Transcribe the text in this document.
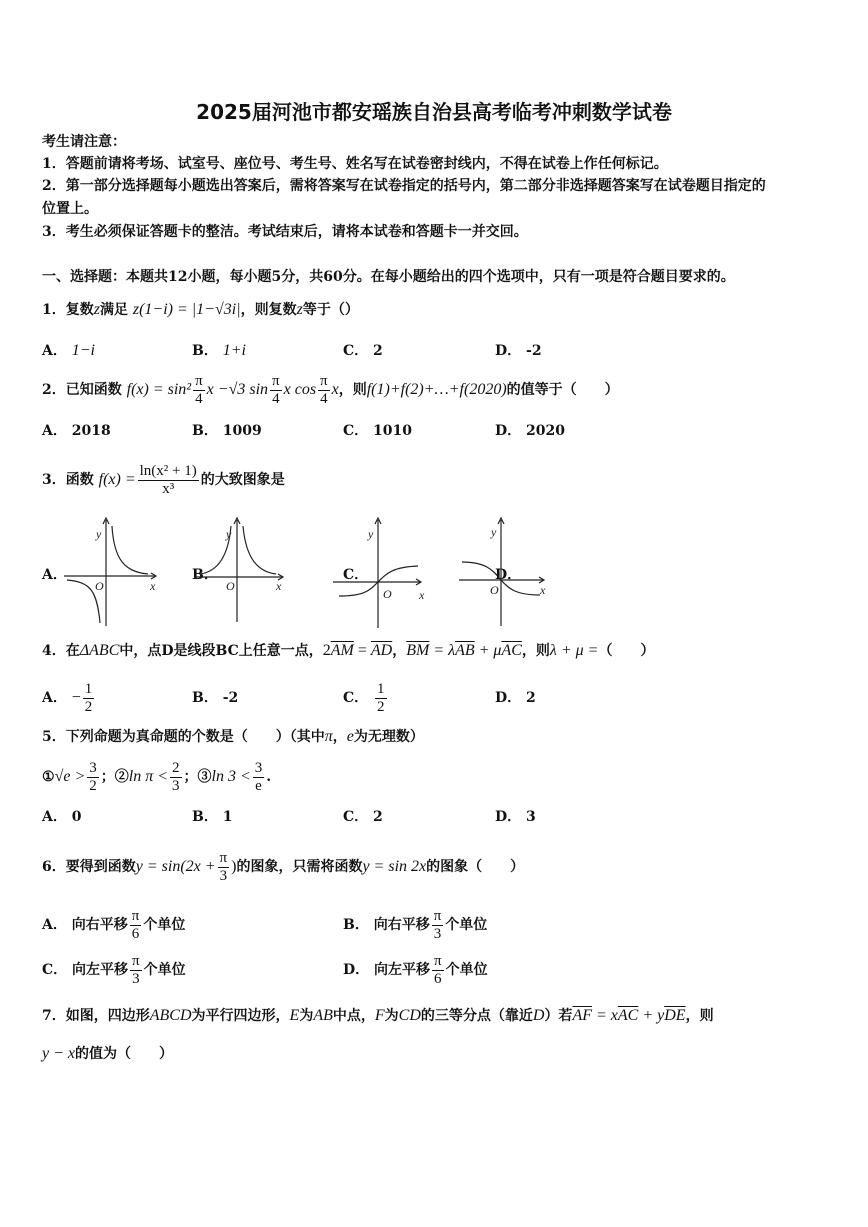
2025届河池市都安瑶族自治县高考临考冲刺数学试卷
考生请注意：
1．答题前请将考场、试室号、座位号、考生号、姓名写在试卷密封线内，不得在试卷上作任何标记。
2．第一部分选择题每小题选出答案后，需将答案写在试卷指定的括号内，第二部分非选择题答案写在试卷题目指定的
位置上。
3．考生必须保证答题卡的整洁。考试结束后，请将本试卷和答题卡一并交回。
一、选择题：本题共12小题，每小题5分，共60分。在每小题给出的四个选项中，只有一项是符合题目要求的。
1．复数z满足 z(1−i) = |1−√3i|，则复数z等于（）
A． 1−i	B． 1+i	C． 2	D． -2
2．已知函数 $f(x) = \sin^2 \frac{\pi}{4}$ x −√3 $\sin \frac{\pi}{4}$ x $\cos \frac{\pi}{4}$ x，则f(1)+f(2)+…+f(2020)的值等于（　　）
A． 2018	B． 1009	C． 1010	D． 2020
3．函数 $f(x) = \frac{\text{ln(x² + 1)}}{\text{x³}}$ 的大致图象是
A．	B．	C．	D．
y
x
O
y
x
O
y
x
O
y
x
O
4．在ΔABC中，点D是线段BC上任意一点，$2\overline{AM} = \overline{AD}$，$\overline{BM} = \lambda\overline{AB} + \mu\overline{AC}$，则λ + μ =（　　）
A． − $\frac{1}{2}$	B． -2	C． $\frac{1}{2}$	D． 2
5．下列命题为真命题的个数是（　　）（其中π，e为无理数）
①√e > $\frac{3}{2}$ ；②ln $\pi < \frac{2}{3}$ ；③ln $3 < \frac{3}{e}$ .
A． 0	B． 1	C． 2	D． 3
6．要得到函数$y = \sin(2x + \frac{\pi}{3}$ )的图象，只需将函数y = sin 2x的图象（　　）
A． 向右平移 $\frac{\pi}{6}$ 个单位	B． 向右平移 $\frac{\pi}{3}$ 个单位
C． 向左平移 $\frac{\pi}{3}$ 个单位	D． 向左平移 $\frac{\pi}{6}$ 个单位
7．如图，四边形ABCD为平行四边形，E为AB中点，F为CD的三等分点（靠近D）若$\overline{AF} = x\overline{AC} + y\overline{DE}$，则
y − x的值为（　　）
